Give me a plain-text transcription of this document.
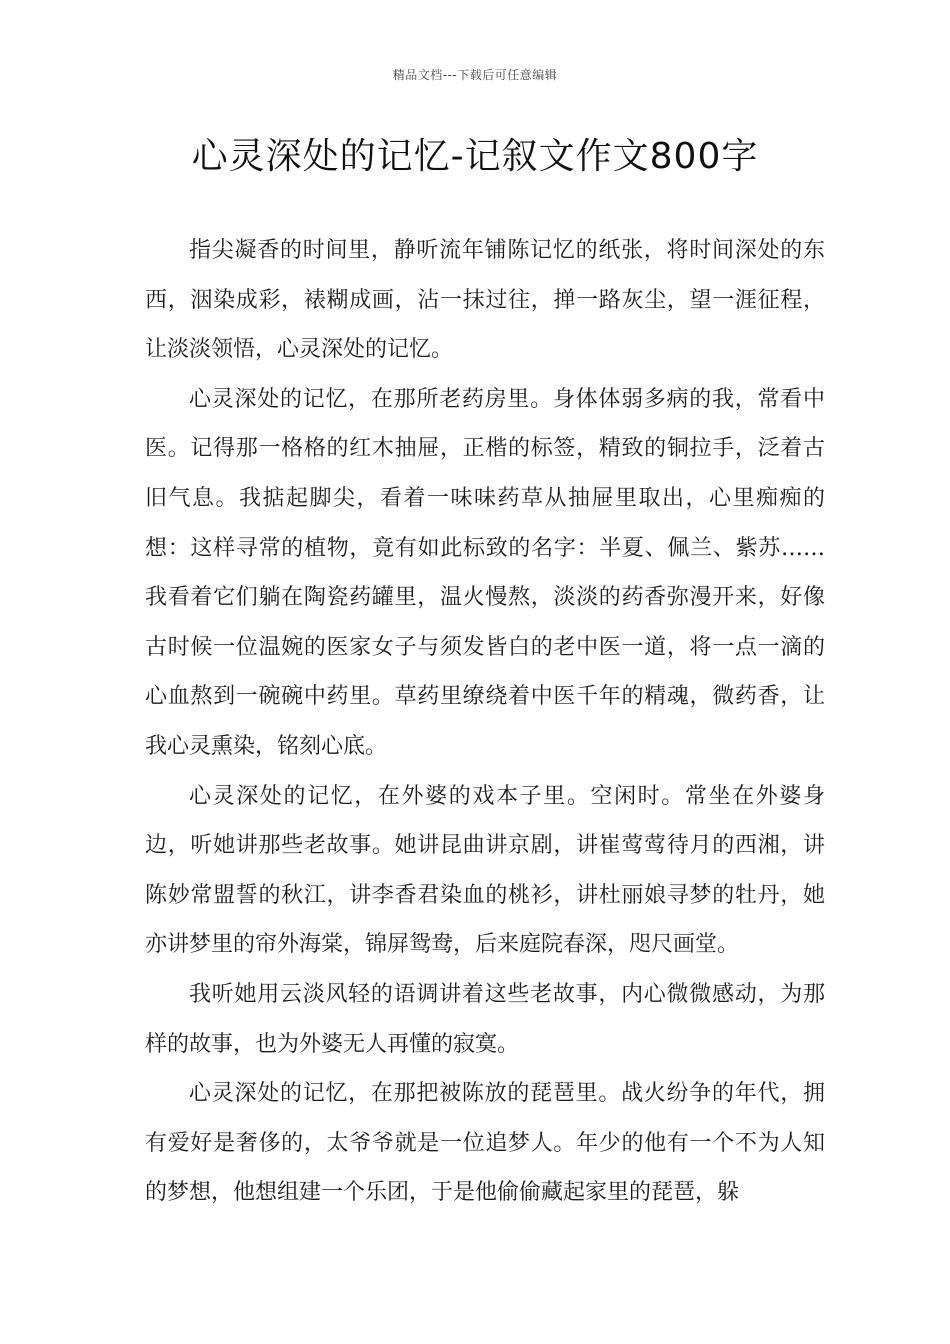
精品文档---下载后可任意编辑
心灵深处的记忆-记叙文作文800字

指尖凝香的时间里，静听流年铺陈记忆的纸张，将时间深处的东西，洇染成彩，裱糊成画，沾一抹过往，掸一路灰尘，望一涯征程，让淡淡领悟，心灵深处的记忆。

心灵深处的记忆，在那所老药房里。身体体弱多病的我，常看中医。记得那一格格的红木抽屉，正楷的标签，精致的铜拉手，泛着古旧气息。我掂起脚尖，看着一味味药草从抽屉里取出，心里痴痴的想：这样寻常的植物，竟有如此标致的名字：半夏、佩兰、紫苏……我看着它们躺在陶瓷药罐里，温火慢熬，淡淡的药香弥漫开来，好像古时候一位温婉的医家女子与须发皆白的老中医一道，将一点一滴的心血熬到一碗碗中药里。草药里缭绕着中医千年的精魂，微药香，让我心灵熏染，铭刻心底。

心灵深处的记忆，在外婆的戏本子里。空闲时。常坐在外婆身边，听她讲那些老故事。她讲昆曲讲京剧，讲崔莺莺待月的西湘，讲陈妙常盟誓的秋江，讲李香君染血的桃衫，讲杜丽娘寻梦的牡丹，她亦讲梦里的帘外海棠，锦屏鸳鸯，后来庭院春深，咫尺画堂。

我听她用云淡风轻的语调讲着这些老故事，内心微微感动，为那样的故事，也为外婆无人再懂的寂寞。

心灵深处的记忆，在那把被陈放的琵琶里。战火纷争的年代，拥有爱好是奢侈的，太爷爷就是一位追梦人。年少的他有一个不为人知的梦想，他想组建一个乐团，于是他偷偷藏起家里的琵琶，躲
